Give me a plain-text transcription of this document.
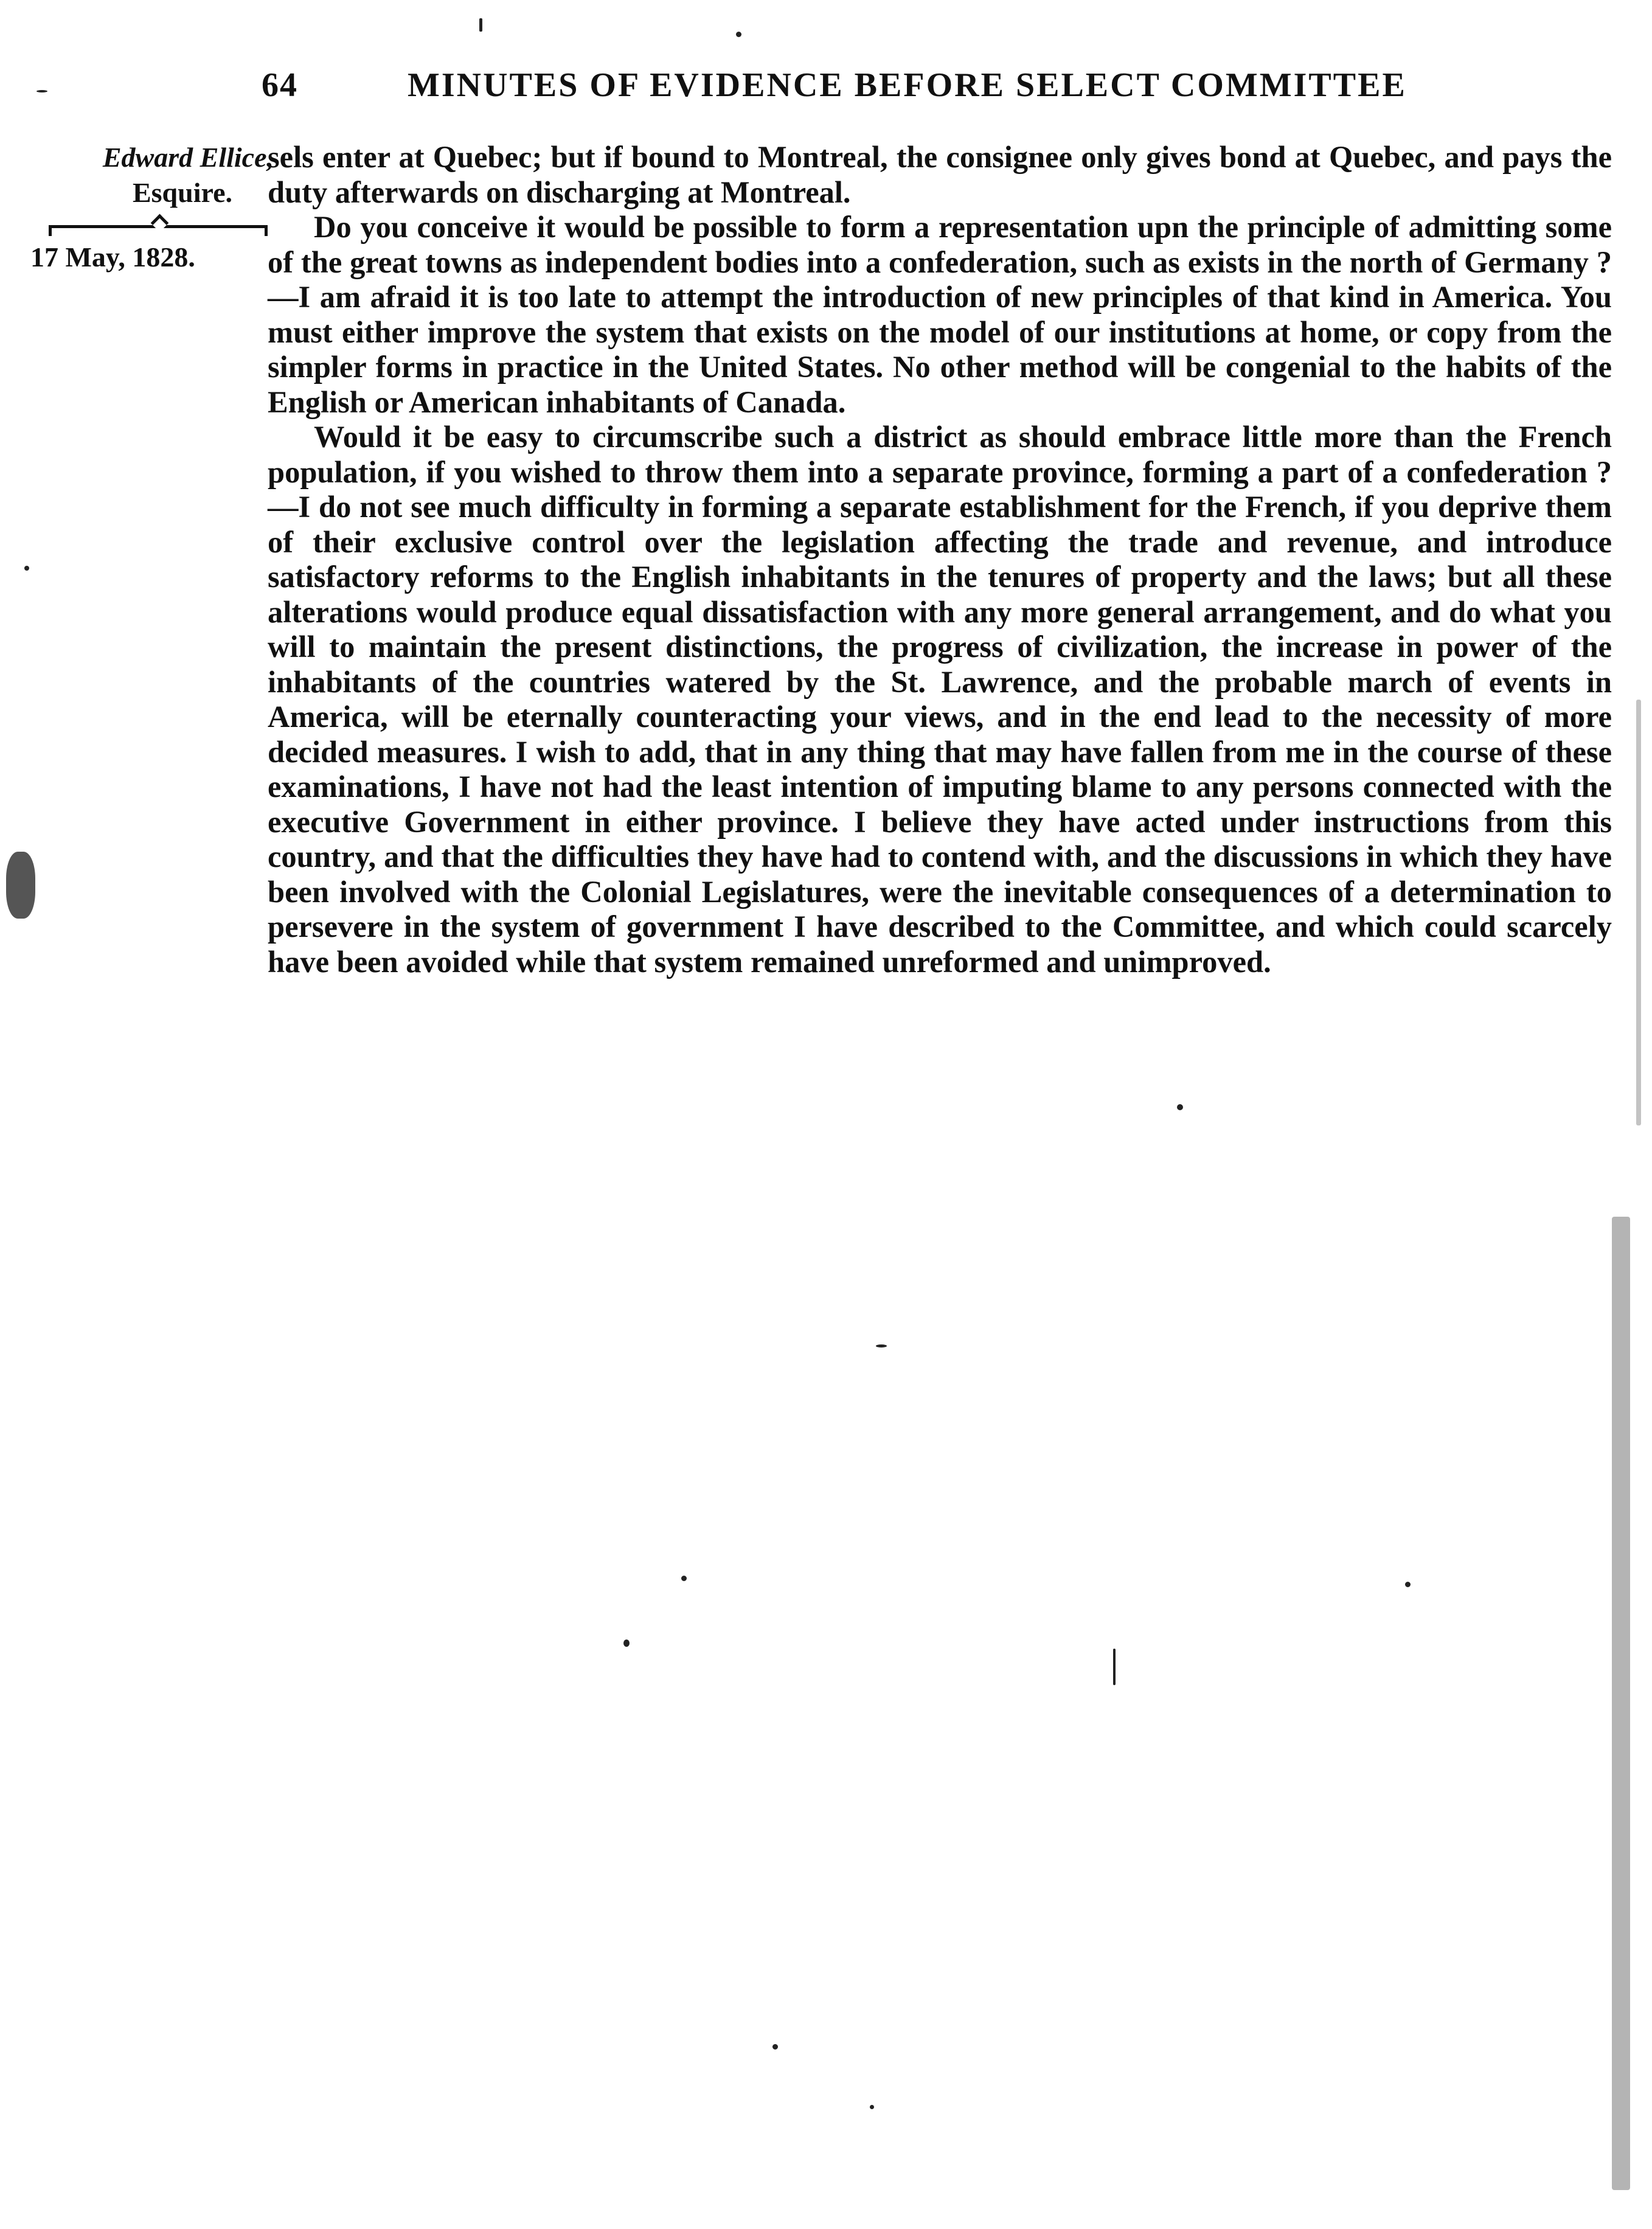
64	MINUTES OF EVIDENCE BEFORE SELECT COMMITTEE
Edward Ellice,
Esquire.
17 May, 1828.

sels enter at Quebec; but if bound to Montreal, the consignee only gives bond at Quebec, and pays the duty afterwards on discharging at Montreal.

Do you conceive it would be possible to form a representation upn the principle of admitting some of the great towns as independent bodies into a confederation, such as exists in the north of Germany ?—I am afraid it is too late to attempt the introduction of new principles of that kind in America. You must either improve the system that exists on the model of our institutions at home, or copy from the simpler forms in practice in the United States. No other method will be congenial to the habits of the English or American inhabitants of Canada.

Would it be easy to circumscribe such a district as should embrace little more than the French population, if you wished to throw them into a separate province, forming a part of a confederation ?—I do not see much difficulty in forming a separate establishment for the French, if you deprive them of their exclusive control over the legislation affecting the trade and revenue, and introduce satisfactory reforms to the English inhabitants in the tenures of property and the laws; but all these alterations would produce equal dissatisfaction with any more general arrangement, and do what you will to maintain the present distinctions, the progress of civilization, the increase in power of the inhabitants of the countries watered by the St. Lawrence, and the probable march of events in America, will be eternally counteracting your views, and in the end lead to the necessity of more decided measures. I wish to add, that in any thing that may have fallen from me in the course of these examinations, I have not had the least intention of imputing blame to any persons connected with the executive Government in either province. I believe they have acted under instructions from this country, and that the difficulties they have had to contend with, and the discussions in which they have been involved with the Colonial Legislatures, were the inevitable consequences of a determination to persevere in the system of government I have described to the Committee, and which could scarcely have been avoided while that system remained unreformed and unimproved.
